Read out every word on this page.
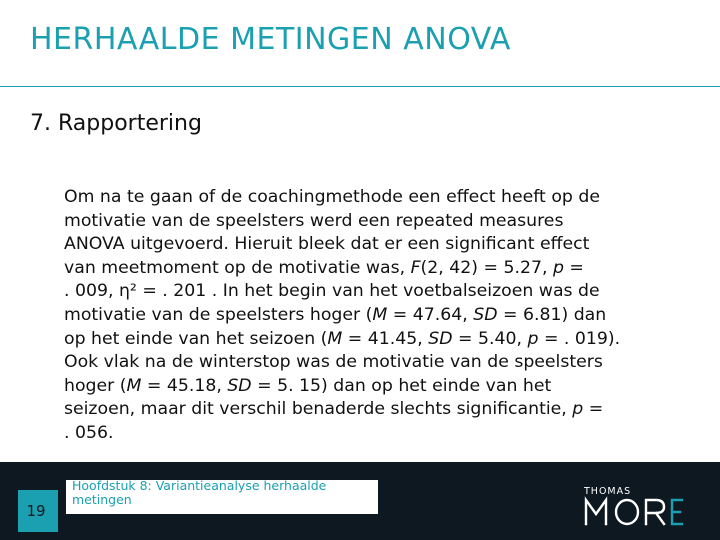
HERHAALDE METINGEN ANOVA
7. Rapportering
Om na te gaan of de coachingmethode een effect heeft op de
motivatie van de speelsters werd een repeated measures
ANOVA uitgevoerd. Hieruit bleek dat er een significant effect
van meetmoment op de motivatie was, F(2, 42) = 5.27, p =
. 009, η² = . 201 . In het begin van het voetbalseizoen was de
motivatie van de speelsters hoger (M = 47.64, SD = 6.81) dan
op het einde van het seizoen (M = 41.45, SD = 5.40, p = . 019).
Ook vlak na de winterstop was de motivatie van de speelsters
hoger (M = 45.18, SD = 5. 15) dan op het einde van het
seizoen, maar dit verschil benaderde slechts significantie, p =
. 056.
19
Hoofdstuk 8: Variantieanalyse herhaalde metingen
THOMAS
